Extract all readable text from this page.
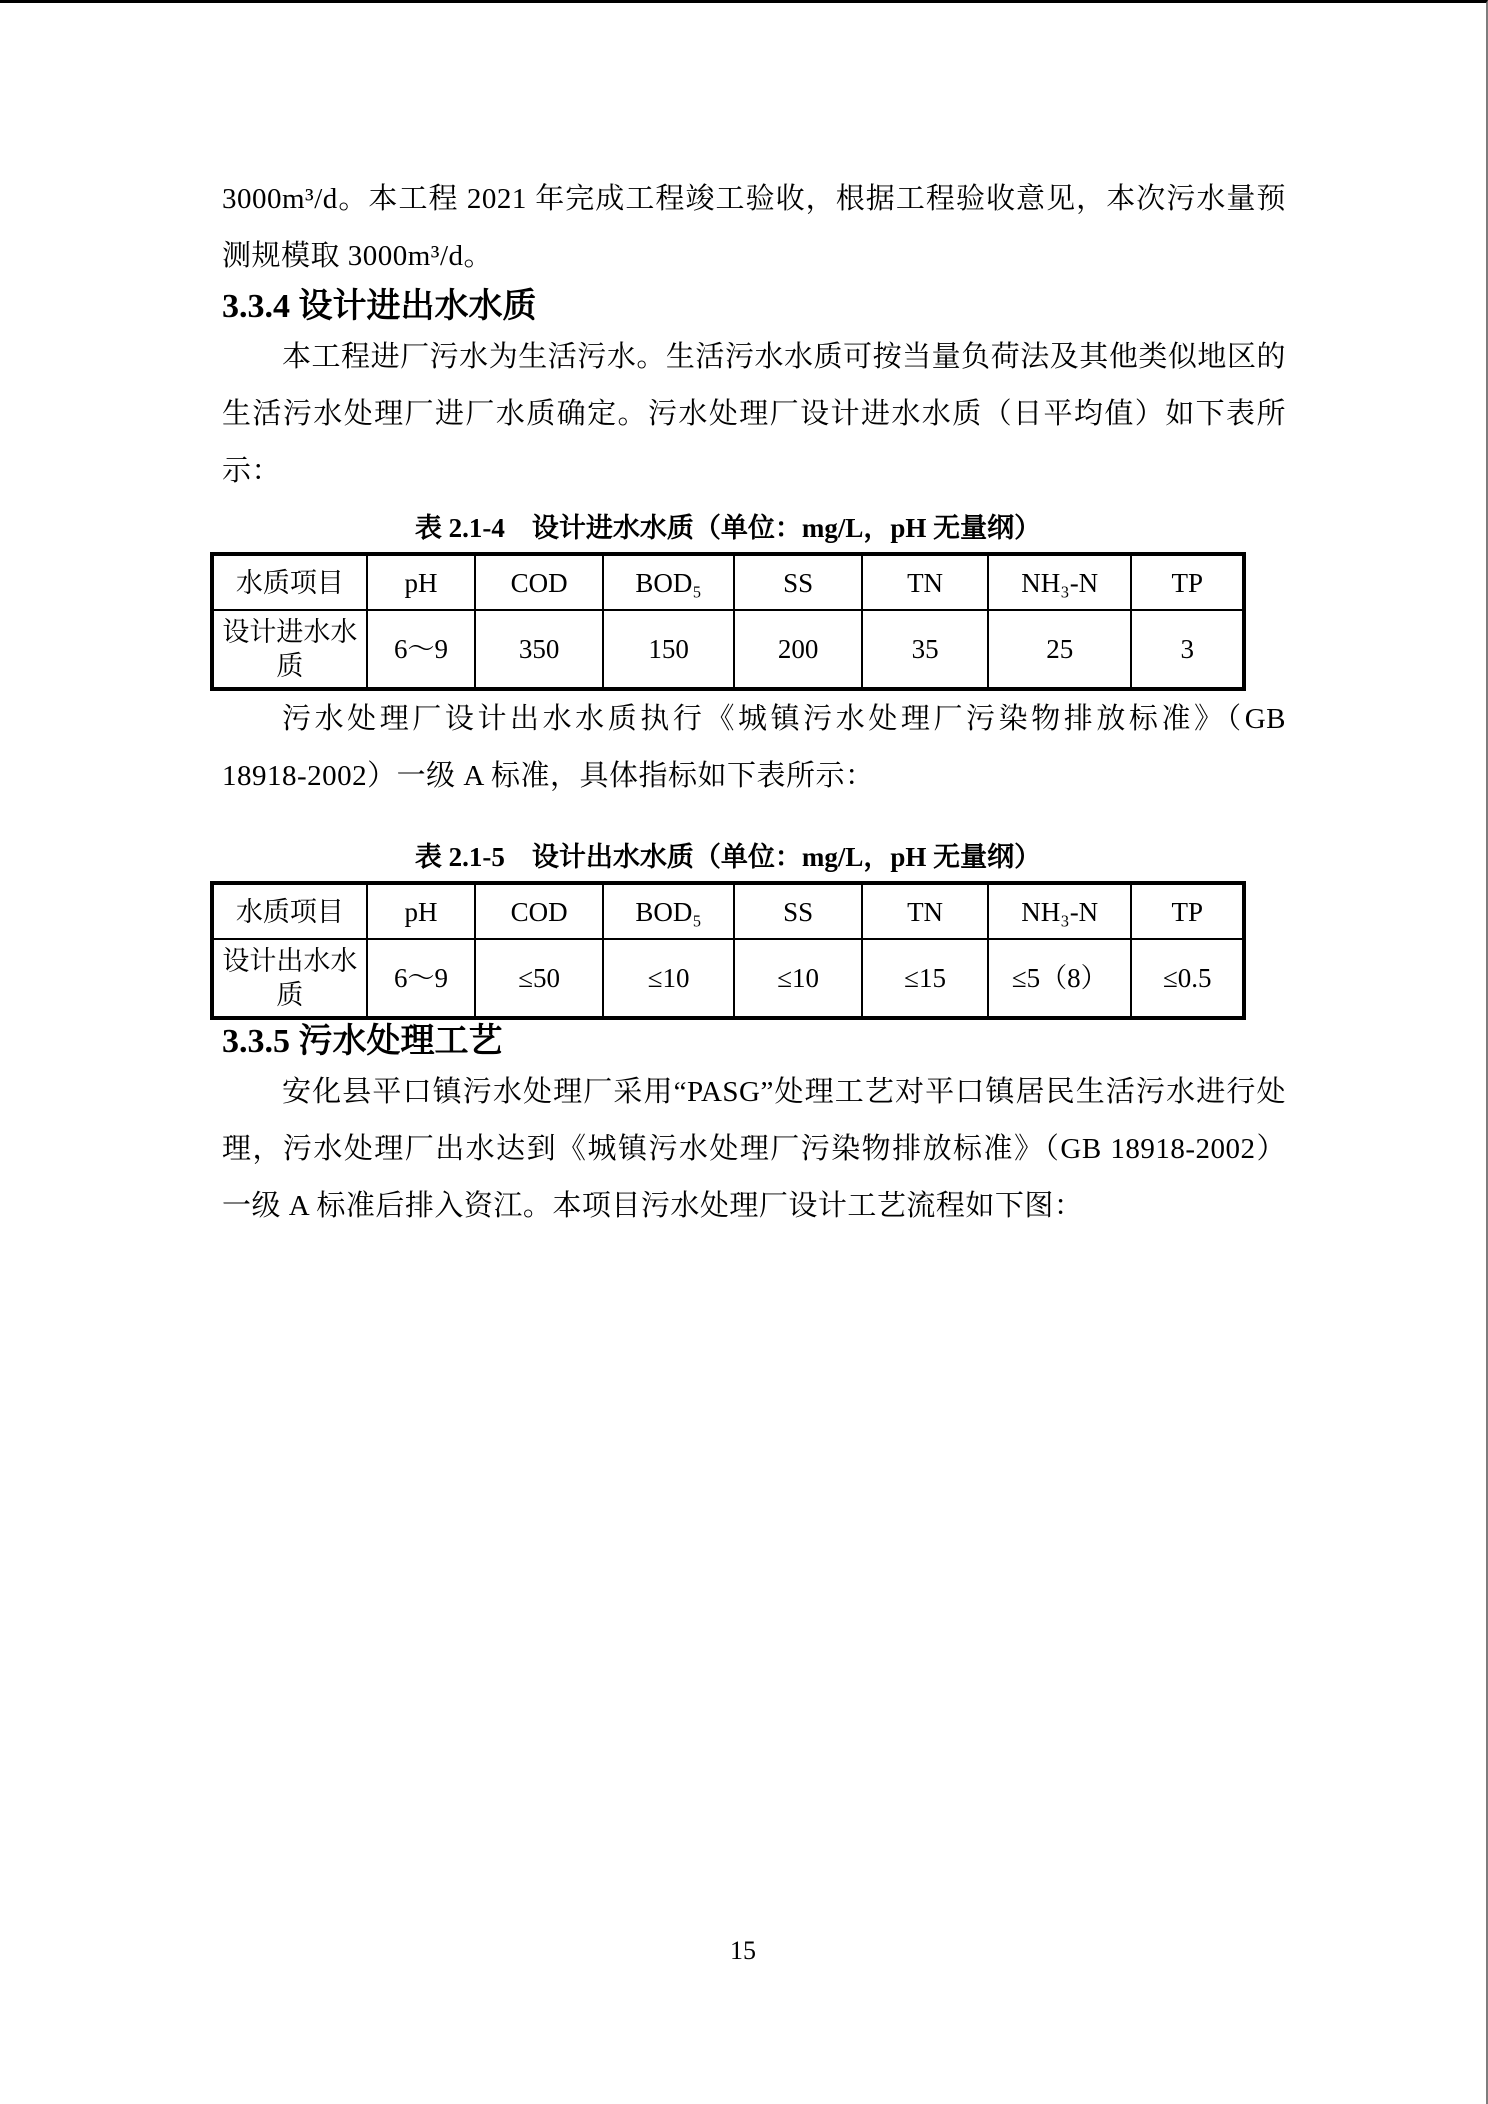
3000m³/d。本工程 2021 年完成工程竣工验收，根据工程验收意见，本次污水量预测规模取 3000m³/d。

3.3.4 设计进出水水质

本工程进厂污水为生活污水。生活污水水质可按当量负荷法及其他类似地区的生活污水处理厂进厂水质确定。污水处理厂设计进水水质（日平均值）如下表所示：

表 2.1-4　设计进水水质（单位：mg/L，pH 无量纲）

水质项目	pH	COD	BOD₅	SS	TN	NH₃-N	TP
设计进水水质	6～9	350	150	200	35	25	3

污水处理厂设计出水水质执行《城镇污水处理厂污染物排放标准》（GB 18918-2002）一级 A 标准，具体指标如下表所示：

表 2.1-5　设计出水水质（单位：mg/L，pH 无量纲）

水质项目	pH	COD	BOD₅	SS	TN	NH₃-N	TP
设计出水水质	6～9	≤50	≤10	≤10	≤15	≤5（8）	≤0.5
3.3.5 污水处理工艺

安化县平口镇污水处理厂采用“PASG”处理工艺对平口镇居民生活污水进行处理，污水处理厂出水达到《城镇污水处理厂污染物排放标准》（GB 18918-2002）一级 A 标准后排入资江。本项目污水处理厂设计工艺流程如下图：

15
